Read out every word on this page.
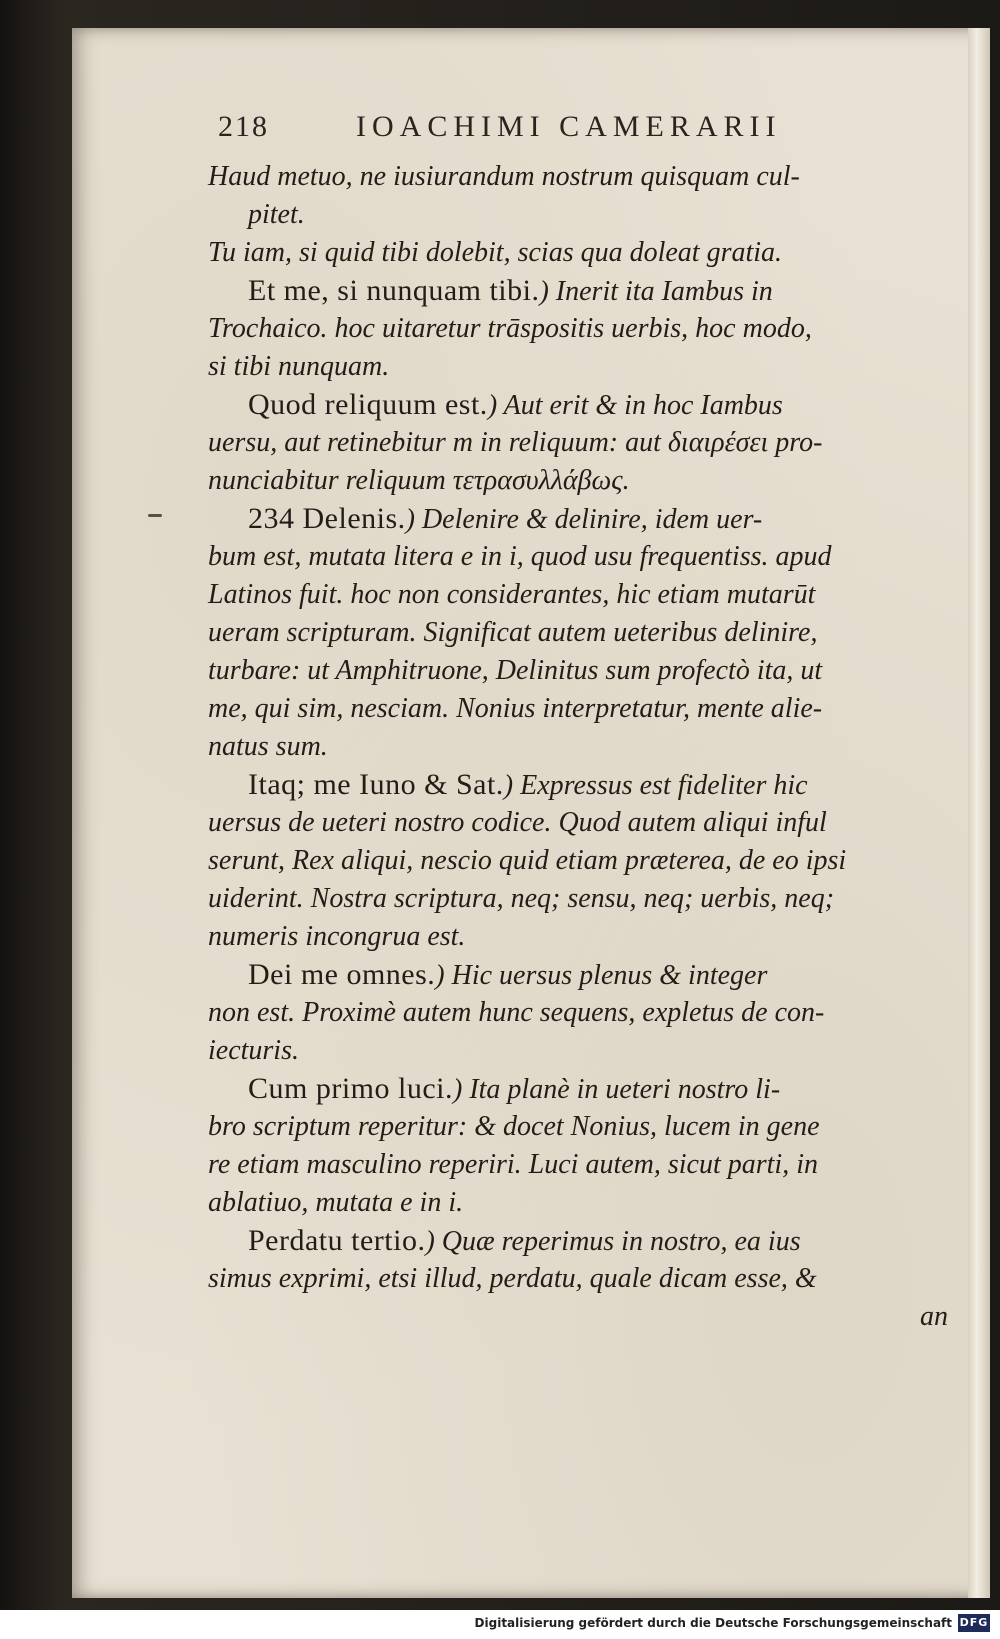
218	IOACHIMI CAMERARII
Haud metuo, ne iusiurandum nostrum quisquam cul-
pitet.
Tu iam, si quid tibi dolebit, scias qua doleat gratia.
Et me, si nunquam tibi.) Inerit ita Iambus in
Trochaico. hoc uitaretur trāspositis uerbis, hoc modo,
si tibi nunquam.
Quod reliquum est.) Aut erit & in hoc Iambus
uersu, aut retinebitur m in reliquum: aut διαιρέσει pro-
nunciabitur reliquum τετρασυλλάβως.
234 Delenis.) Delenire & delinire, idem uer-
bum est, mutata litera e in i, quod usu frequentiss. apud
Latinos fuit. hoc non considerantes, hic etiam mutarūt
ueram scripturam. Significat autem ueteribus delinire,
turbare: ut Amphitruone, Delinitus sum profectò ita, ut
me, qui sim, nesciam. Nonius interpretatur, mente alie-
natus sum.
Itaq; me Iuno & Sat.) Expressus est fideliter hic
uersus de ueteri nostro codice. Quod autem aliqui inful
serunt, Rex aliqui, nescio quid etiam præterea, de eo ipsi
uiderint. Nostra scriptura, neq; sensu, neq; uerbis, neq;
numeris incongrua est.
Dei me omnes.) Hic uersus plenus & integer
non est. Proximè autem hunc sequens, expletus de con-
iecturis.
Cum primo luci.) Ita planè in ueteri nostro li-
bro scriptum reperitur: & docet Nonius, lucem in gene
re etiam masculino reperiri. Luci autem, sicut parti, in
ablatiuo, mutata e in i.
Perdatu tertio.) Quæ reperimus in nostro, ea ius
simus exprimi, etsi illud, perdatu, quale dicam esse, &
an
Digitalisierung gefördert durch die Deutsche Forschungsgemeinschaft DFG
